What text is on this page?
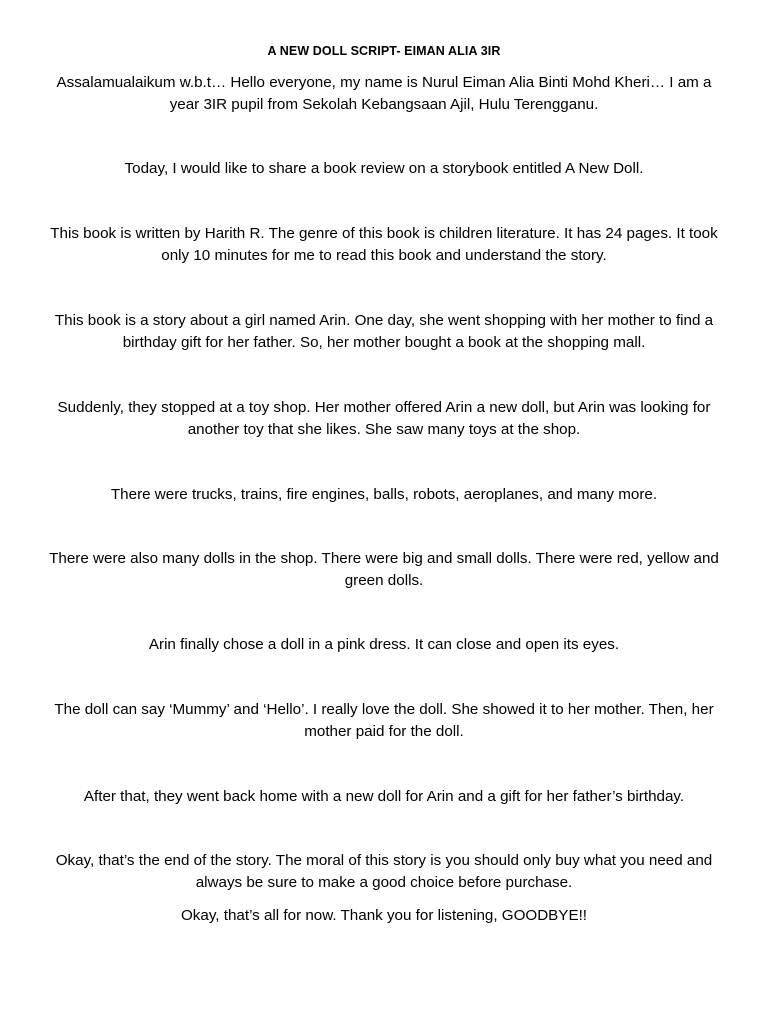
A NEW DOLL SCRIPT- EIMAN ALIA 3IR

Assalamualaikum w.b.t… Hello everyone, my name is Nurul Eiman Alia Binti Mohd Kheri… I am a year 3IR pupil from Sekolah Kebangsaan Ajil, Hulu Terengganu.

Today, I would like to share a book review on a storybook entitled A New Doll.

This book is written by Harith R. The genre of this book is children literature. It has 24 pages. It took only 10 minutes for me to read this book and understand the story.

This book is a story about a girl named Arin. One day, she went shopping with her mother to find a birthday gift for her father. So, her mother bought a book at the shopping mall.

Suddenly, they stopped at a toy shop. Her mother offered Arin a new doll, but Arin was looking for another toy that she likes. She saw many toys at the shop.

There were trucks, trains, fire engines, balls, robots, aeroplanes, and many more.

There were also many dolls in the shop. There were big and small dolls. There were red, yellow and green dolls.

Arin finally chose a doll in a pink dress. It can close and open its eyes.

The doll can say ‘Mummy’ and ‘Hello’. I really love the doll. She showed it to her mother. Then, her mother paid for the doll.

After that, they went back home with a new doll for Arin and a gift for her father’s birthday.

Okay, that’s the end of the story. The moral of this story is you should only buy what you need and always be sure to make a good choice before purchase.

Okay, that’s all for now. Thank you for listening, GOODBYE!!
